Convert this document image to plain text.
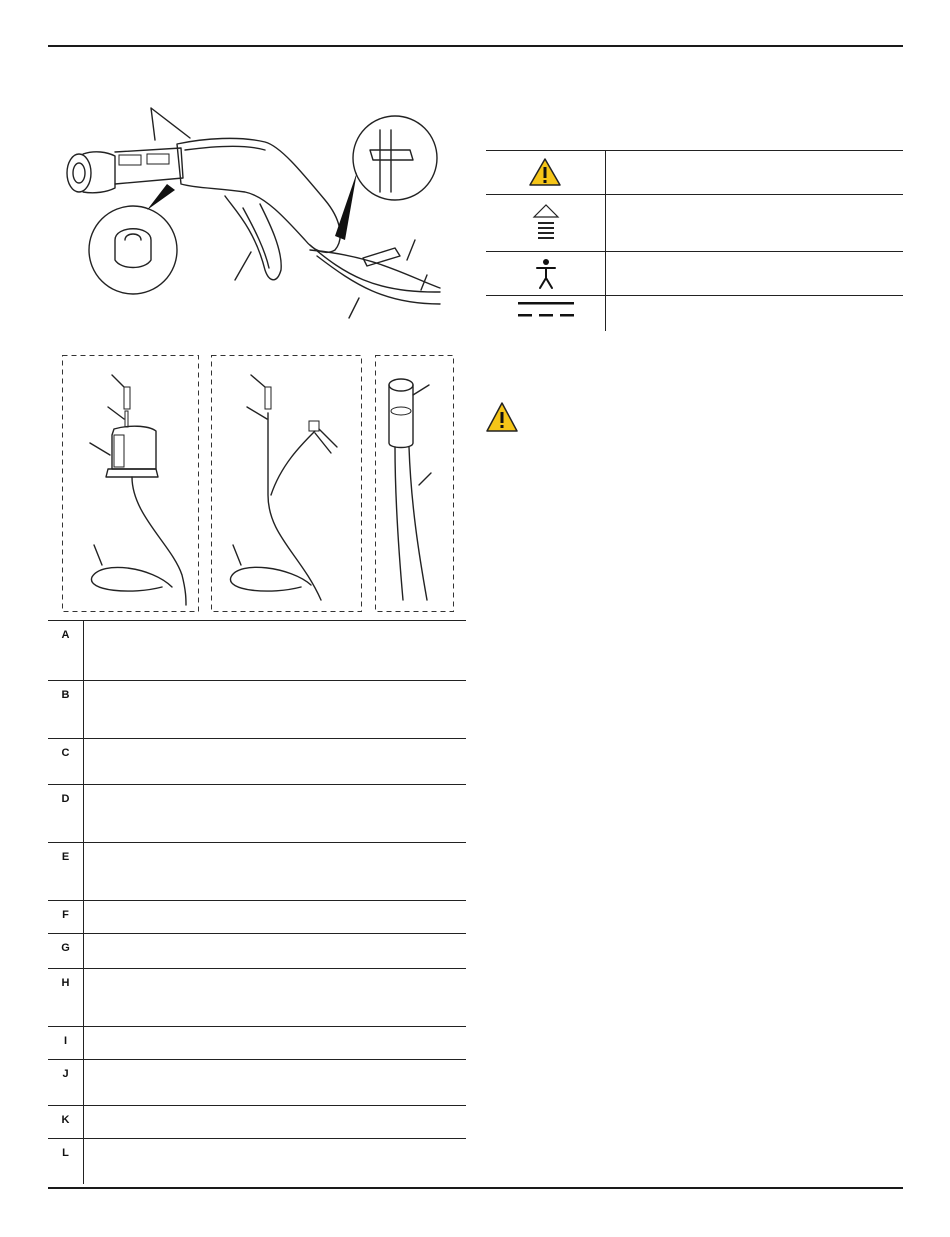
A
B
C
D
E
F
G
H
I
J
K
L
